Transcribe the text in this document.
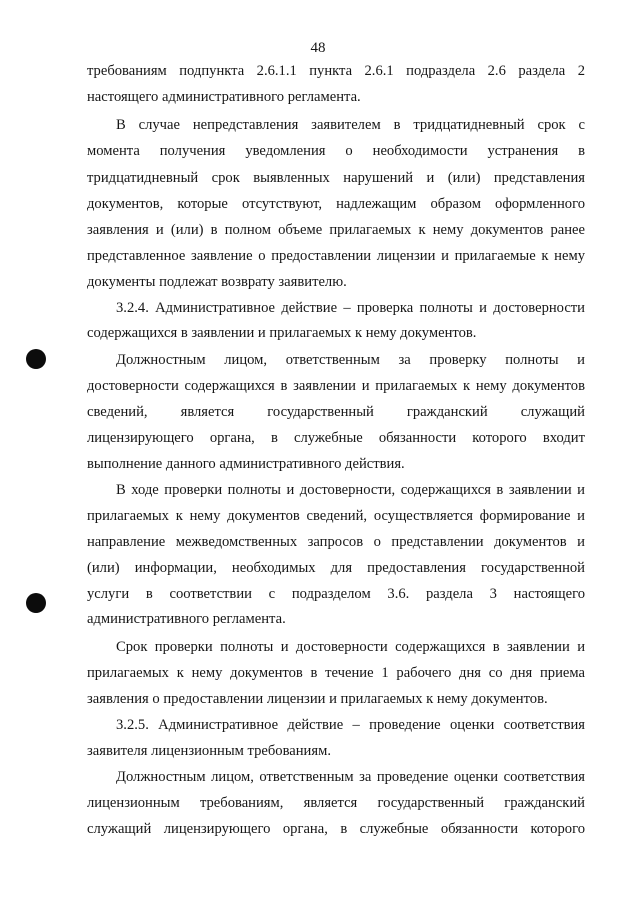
48
требованиям подпункта 2.6.1.1 пункта 2.6.1 подраздела 2.6 раздела 2
настоящего административного регламента.
В случае непредставления заявителем в тридцатидневный срок с
момента получения уведомления о необходимости устранения в
тридцатидневный срок выявленных нарушений и (или) представления
документов, которые отсутствуют, надлежащим образом оформленного
заявления и (или) в полном объеме прилагаемых к нему документов ранее
представленное заявление о предоставлении лицензии и прилагаемые к нему
документы подлежат возврату заявителю.
3.2.4. Административное действие – проверка полноты и достоверности
содержащихся в заявлении и прилагаемых к нему документов.
Должностным лицом, ответственным за проверку полноты и
достоверности содержащихся в заявлении и прилагаемых к нему документов
сведений, является государственный гражданский служащий
лицензирующего органа, в служебные обязанности которого входит
выполнение данного административного действия.
В ходе проверки полноты и достоверности, содержащихся в заявлении и
прилагаемых к нему документов сведений, осуществляется формирование и
направление межведомственных запросов о представлении документов и
(или) информации, необходимых для предоставления государственной
услуги в соответствии с подразделом 3.6. раздела 3 настоящего
административного регламента.
Срок проверки полноты и достоверности содержащихся в заявлении и
прилагаемых к нему документов в течение 1 рабочего дня со дня приема
заявления о предоставлении лицензии и прилагаемых к нему документов.
3.2.5. Административное действие – проведение оценки соответствия
заявителя лицензионным требованиям.
Должностным лицом, ответственным за проведение оценки соответствия
лицензионным требованиям, является государственный гражданский
служащий лицензирующего органа, в служебные обязанности которого
